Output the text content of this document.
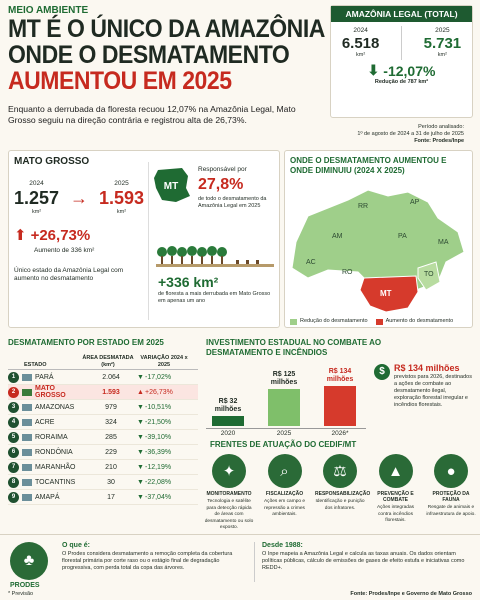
MEIO AMBIENTE
MT É O ÚNICO DA AMAZÔNIA
ONDE O DESMATAMENTO
AUMENTOU EM 2025
Enquanto a derrubada da floresta recuou 12,07% na Amazônia Legal, Mato Grosso seguiu na direção contrária e registrou alta de 26,73%.
AMAZÔNIA LEGAL (TOTAL)
2024
6.518
km²
2025
5.731
km²
⬇ -12,07%
Redução de 787 km²
Período analisado:
1º de agosto de 2024 a 31 de julho de 2025
Fonte: Prodes/Inpe
MATO GROSSO
2024
1.257
km²
→
2025
1.593
km²
⬆ +26,73%
Aumento de 336 km²
Único estado da Amazônia Legal com aumento no desmatamento
MT
Responsável por
27,8%
de todo o desmatamento da Amazônia Legal em 2025
+336 km²
de floresta a mais derrubada em Mato Grosso em apenas um ano
ONDE O DESMATAMENTO AUMENTOU E ONDE DIMINUIU (2024 X 2025)
RR
AP
AM	PA
MA
AC
RO
MT
TO
Redução do desmatamento	Aumento do desmatamento
DESMATAMENTO POR ESTADO EM 2025
ESTADO
ÁREA DESMATADA (km²)
VARIAÇÃO 2024 x 2025
1	PARÁ	2.064	▼ -17,02%
2	MATO GROSSO	1.593	▲ +26,73%
3	AMAZONAS	979	▼ -10,51%
4	ACRE	324	▼ -21,50%
5	RORAIMA	285	▼ -39,10%
6	RONDÔNIA	229	▼ -36,39%
7	MARANHÃO	210	▼ -12,19%
8	TOCANTINS	30	▼ -22,08%
9	AMAPÁ	17	▼ -37,04%
INVESTIMENTO ESTADUAL NO COMBATE AO DESMATAMENTO E INCÊNDIOS
R$ 32 milhões
2020
R$ 125 milhões
2025
R$ 134 milhões
2026*
$	R$ 134 milhões
previstos para 2026, destinados a ações de combate ao desmatamento ilegal, exploração florestal irregular e incêndios florestais.
FRENTES DE ATUAÇÃO DO CEDIF/MT
✦
MONITORAMENTO
Tecnologia e satélite para detecção rápida de áreas com desmatamento ou solo exposto.
⌕
FISCALIZAÇÃO
Ações em campo e repressão a crimes ambientais.
⚖
RESPONSABILIZAÇÃO
Identificação e punição dos infratores.
▲
PREVENÇÃO E COMBATE
Ações integradas contra incêndios florestais.
●
PROTEÇÃO DA FAUNA
Resgate de animais e infraestrutura de apoio.
♣
PRODES
O que é:
O Prodes considera desmatamento a remoção completa da cobertura florestal primária por corte raso ou o estágio final de degradação progressiva, com perda total da copa das árvores.
Desde 1988:
O Inpe mapeia a Amazônia Legal e calcula as taxas anuais. Os dados orientam políticas públicas, cálculo de emissões de gases de efeito estufa e iniciativas como REDD+.
* Previsão	Fonte: Prodes/Inpe e Governo de Mato Grosso
